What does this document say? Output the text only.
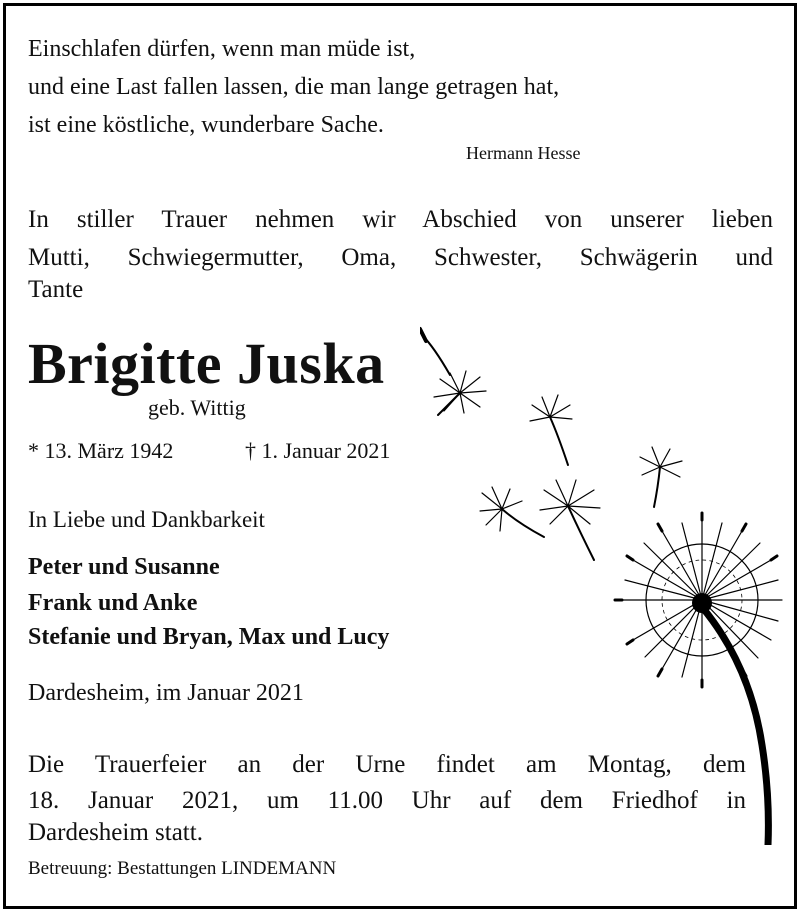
Einschlafen dürfen, wenn man müde ist,
und eine Last fallen lassen, die man lange getragen hat,
ist eine köstliche, wunderbare Sache.
Hermann Hesse
In stiller Trauer nehmen wir Abschied von unserer lieben
Mutti, Schwiegermutter, Oma, Schwester, Schwägerin und
Tante
Brigitte Juska
geb. Wittig
* 13. März 1942	† 1. Januar 2021
In Liebe und Dankbarkeit
Peter und Susanne
Frank und Anke
Stefanie und Bryan, Max und Lucy
Dardesheim, im Januar 2021
Die Trauerfeier an der Urne findet am Montag, dem
18. Januar 2021, um 11.00 Uhr auf dem Friedhof in
Dardesheim statt.
Betreuung: Bestattungen LINDEMANN
